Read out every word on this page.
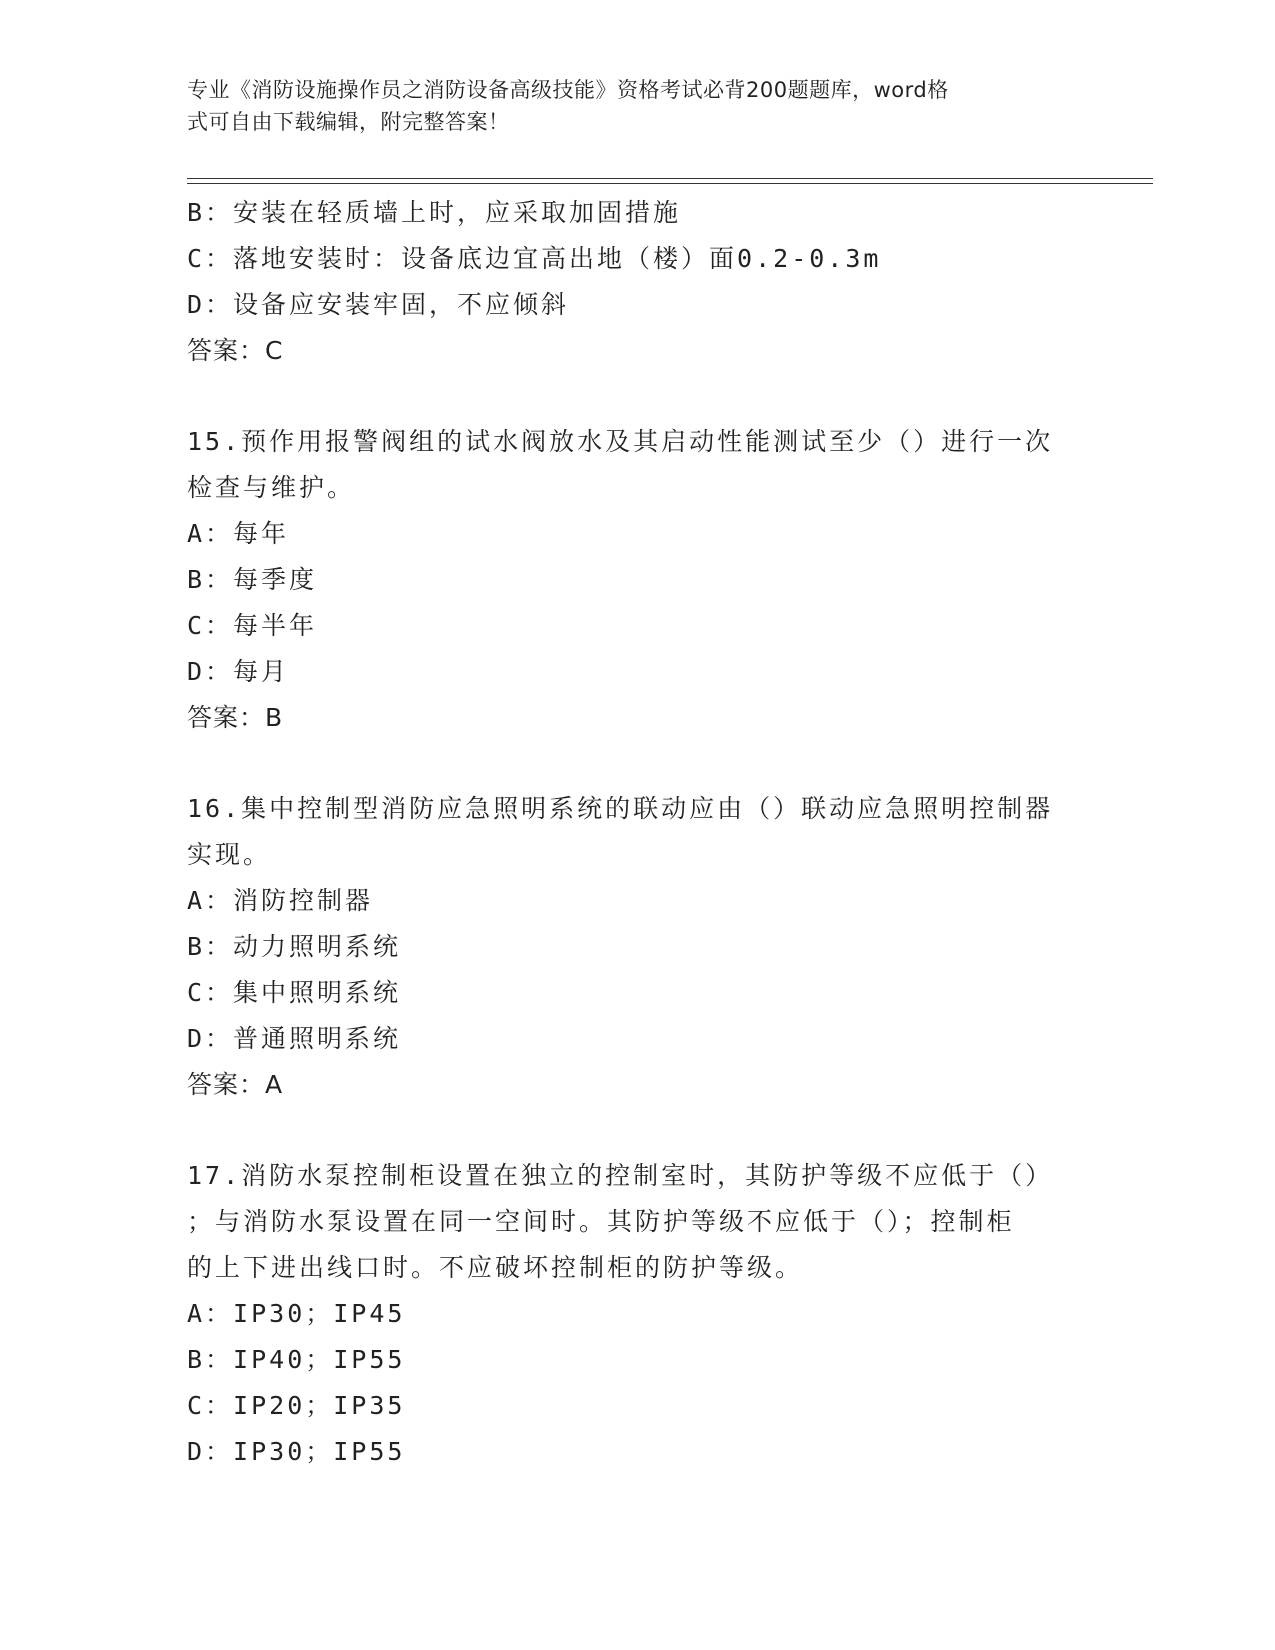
专业《消防设施操作员之消防设备高级技能》资格考试必背200题题库，word格
式可自由下载编辑，附完整答案！
B：安装在轻质墙上时，应采取加固措施
C：落地安装时：设备底边宜高出地（楼）面0.2-0.3m
D：设备应安装牢固，不应倾斜
答案：C
15.预作用报警阀组的试水阀放水及其启动性能测试至少（）进行一次
检查与维护。
A：每年
B：每季度
C：每半年
D：每月
答案：B
16.集中控制型消防应急照明系统的联动应由（）联动应急照明控制器
实现。
A：消防控制器
B：动力照明系统
C：集中照明系统
D：普通照明系统
答案：A
17.消防水泵控制柜设置在独立的控制室时，其防护等级不应低于（）
；与消防水泵设置在同一空间时。其防护等级不应低于（）；控制柜
的上下进出线口时。不应破坏控制柜的防护等级。
A：IP30；IP45
B：IP40；IP55
C：IP20；IP35
D：IP30；IP55
